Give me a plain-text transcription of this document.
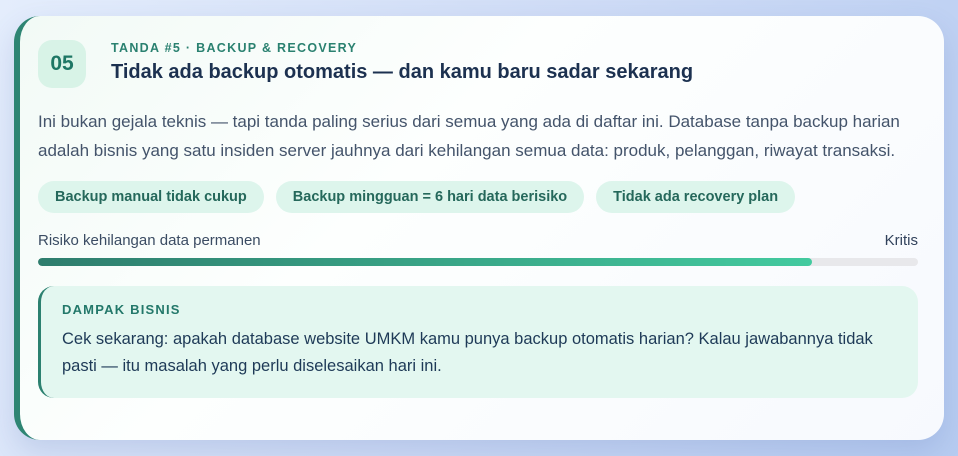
05
TANDA #5 · BACKUP & RECOVERY
Tidak ada backup otomatis — dan kamu baru sadar sekarang
Ini bukan gejala teknis — tapi tanda paling serius dari semua yang ada di daftar ini. Database tanpa backup harian adalah bisnis yang satu insiden server jauhnya dari kehilangan semua data: produk, pelanggan, riwayat transaksi.
Backup manual tidak cukup	Backup mingguan = 6 hari data berisiko	Tidak ada recovery plan
Risiko kehilangan data permanen	Kritis
DAMPAK BISNIS
Cek sekarang: apakah database website UMKM kamu punya backup otomatis harian? Kalau jawabannya tidak pasti — itu masalah yang perlu diselesaikan hari ini.
